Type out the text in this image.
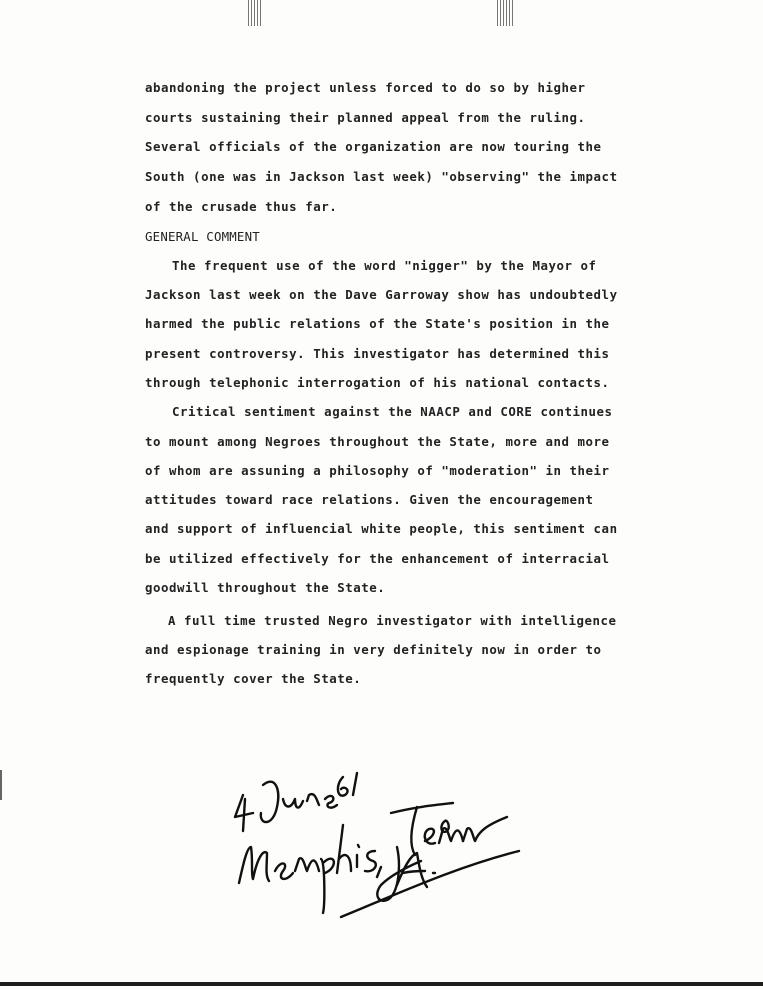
abandoning the project unless forced to do so by higher
courts sustaining their planned appeal from the ruling.
Several officials of the organization are now touring the
South (one was in Jackson last week) "observing" the impact
of the crusade thus far.
GENERAL COMMENT
The frequent use of the word "nigger" by the Mayor of
Jackson last week on the Dave Garroway show has undoubtedly
harmed the public relations of the State's position in the
present controversy. This investigator has determined this
through telephonic interrogation of his national contacts.
Critical sentiment against the NAACP and CORE continues
to mount among Negroes throughout the State, more and more
of whom are assuning a philosophy of "moderation" in their
attitudes toward race relations. Given the encouragement
and support of influencial white people, this sentiment can
be utilized effectively for the enhancement of interracial
goodwill throughout the State.
A full time trusted Negro investigator with intelligence
and espionage training in very definitely now in order to
frequently cover the State.
